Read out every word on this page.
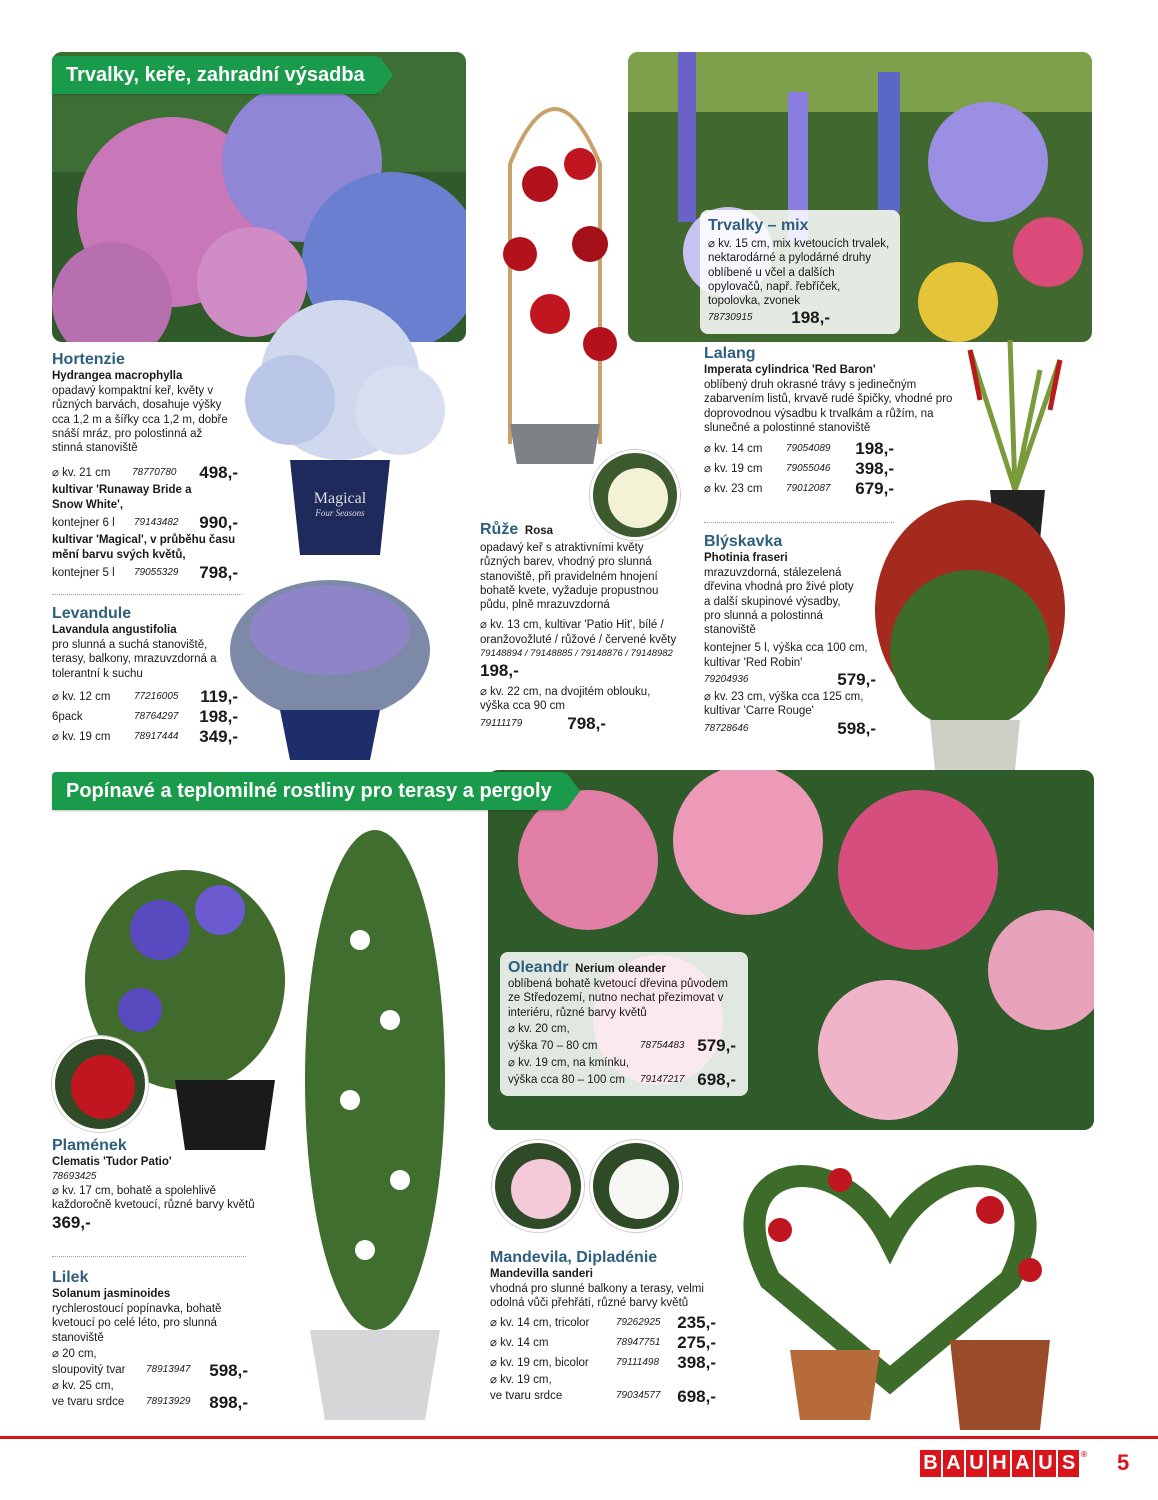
Magical
Four Seasons
Trvalky, keře, zahradní výsadba
Popínavé a teplomilné rostliny pro terasy a pergoly
Hortenzie
Hydrangea macrophylla
opadavý kompaktní keř, květy v různých barvách, dosahuje výšky cca 1,2 m a šířky cca 1,2 m, dobře snáší mráz, pro polostinná až stinná stanoviště
⌀ kv. 21 cm 78770780 498,-
kultivar 'Runaway Bride a Snow White',
kontejner 6 l 79143482 990,-
kultivar 'Magical', v průběhu času mění barvu svých květů,
kontejner 5 l 79055329 798,-
Levandule
Lavandula angustifolia
pro slunná a suchá stanoviště, terasy, balkony, mrazuvzdorná a tolerantní k suchu
⌀ kv. 12 cm 77216005 119,-
6pack	78764297 198,-
⌀ kv. 19 cm 78917444 349,-
Růže Rosa
opadavý keř s atraktivními květy různých barev, vhodný pro slunná stanoviště, při pravidelném hnojení bohatě kvete, vyžaduje propustnou půdu, plně mrazuvzdorná
⌀ kv. 13 cm, kultivar 'Patio Hit', bílé / oranžovožluté / růžové / červené květy
79148894 / 79148885 / 79148876 / 79148982
198,-
⌀ kv. 22 cm, na dvojitém oblouku, výška cca 90 cm
79111179	798,-
Trvalky – mix
⌀ kv. 15 cm, mix kvetoucích trvalek, nektarodárné a pylodárné druhy oblíbené u včel a dalších opylovačů, např. řebříček, topolovka, zvonek
78730915 198,-
Lalang
Imperata cylindrica 'Red Baron'
oblíbený druh okrasné trávy s jedinečným zabarvením listů, krvavě rudé špičky, vhodné pro doprovodnou výsadbu k trvalkám a růžím, na slunečné a polostinné stanoviště
⌀ kv. 14 cm 79054089 198,-
⌀ kv. 19 cm 79055046 398,-
⌀ kv. 23 cm 79012087 679,-
Blýskavka
Photinia fraseri
mrazuvzdorná, stálezelená dřevina vhodná pro živé ploty a další skupinové výsadby, pro slunná a polostinná stanoviště
kontejner 5 l, výška cca 100 cm, kultivar 'Red Robin'
79204936	579,-
⌀ kv. 23 cm, výška cca 125 cm, kultivar 'Carre Rouge'
78728646	598,-
Oleandr Nerium oleander
oblíbená bohatě kvetoucí dřevina původem ze Středozemí, nutno nechat přezimovat v interiéru, různé barvy květů
⌀ kv. 20 cm,
výška 70 – 80 cm	78754483 579,-
⌀ kv. 19 cm, na kmínku,
výška cca 80 – 100 cm 79147217 698,-
Plamének
Clematis 'Tudor Patio'
78693425
⌀ kv. 17 cm, bohatě a spolehlivě každoročně kvetoucí, různé barvy květů
369,-
Lilek
Solanum jasminoides
rychlerostoucí popínavka, bohatě kvetoucí po celé léto, pro slunná stanoviště
⌀ 20 cm,
sloupovitý tvar 78913947 598,-
⌀ kv. 25 cm,
ve tvaru srdce 78913929 898,-
Mandevila, Dipladénie
Mandevilla sanderi
vhodná pro slunné balkony a terasy, velmi odolná vůči přehřátí, různé barvy květů
⌀ kv. 14 cm, tricolor	79262925 235,-
⌀ kv. 14 cm	78947751 275,-
⌀ kv. 19 cm, bicolor	79111498 398,-
⌀ kv. 19 cm,
ve tvaru srdce	79034577 698,-
B A U H A U S ® 5
